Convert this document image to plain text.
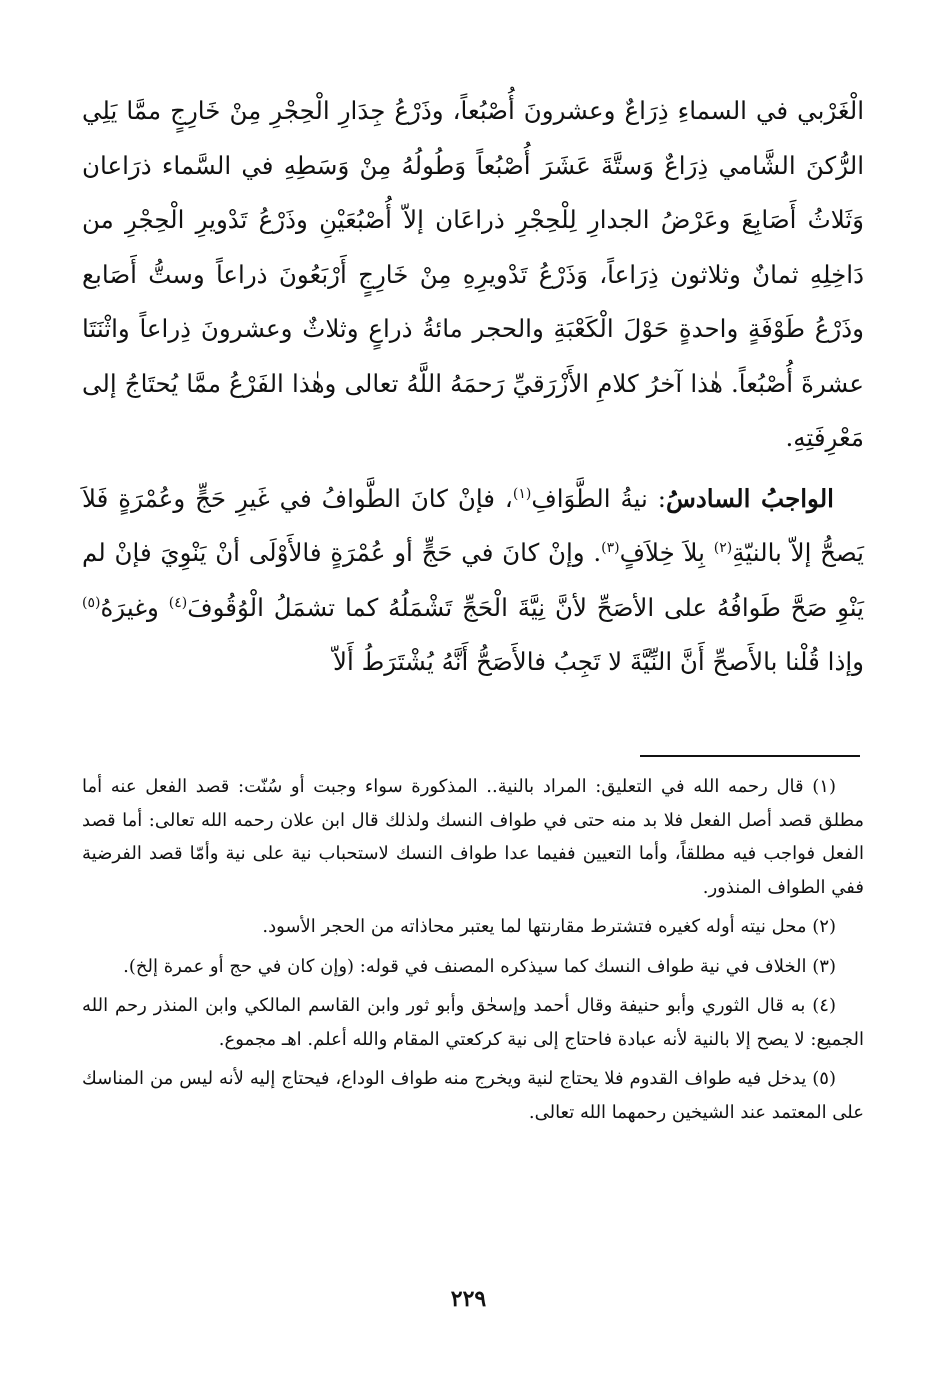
الْغَرْبي في السماءِ ذِرَاعٌ وعشرونَ أُصْبُعاً، وذَرْعُ جِدَارِ الْحِجْرِ مِنْ خَارِجٍ ممَّا يَلِي الرُّكنَ الشَّامي ذِرَاعٌ وَستَّةَ عَشَرَ أُصْبُعاً وَطُولُهُ مِنْ وَسَطِهِ في السَّماء ذرَاعان وَثَلاثُ أَصَابِعَ وعَرْضُ الجدارِ لِلْحِجْرِ ذراعَان إلاّ أُصْبُعَيْنِ وذَرْعُ تَدْويرِ الْحِجْرِ من دَاخِلِهِ ثمانٌ وثلاثون ذِرَاعاً، وَذَرْعُ تَدْويرِهِ مِنْ خَارِجٍ أَرْبَعُونَ ذراعاً وستُّ أَصَابع وذَرْعُ طَوْفَةٍ واحدةٍ حَوْلَ الْكَعْبَةِ والحجر مائةُ ذراعٍ وثلاثٌ وعشرونَ ذِراعاً واثْنَتَا عشرةَ أُصْبُعاً. هٰذا آخرُ كلامِ الأَزْرَقيِّ رَحمَهُ اللَّهُ تعالى وهٰذا الفَرْعُ ممَّا يُحتَاجُ إلى مَعْرِفَتِهِ.

الواجبُ السادسُ: نيةُ الطَّوَافِ$^{(١)}$، فإنْ كانَ الطَّوافُ في غَيرِ حَجٍّ وعُمْرَةٍ فَلاَ يَصحُّ إلاّ بالنيّةِ$^{(٢)}$ بِلاَ خِلاَفٍ$^{(٣)}$. وإنْ كانَ في حَجٍّ أو عُمْرَةٍ فالأَوْلَى أنْ يَنْوِيَ فإنْ لم يَنْوِ صَحَّ طَوافُهُ على الأصَحِّ لأنَّ نِيَّةَ الْحَجِّ تَشْمَلُهُ كما تشمَلُ الْوُقُوفَ$^{(٤)}$ وغيرَهُ$^{(٥)}$ وإذا قُلْنا بالأَصحِّ أَنَّ النِّيَّةَ لا تَجِبُ فالأَصَحُّ أَنَّهُ يُشْتَرَطُ أَلاّ

(١) قال رحمه الله في التعليق: المراد بالنية.. المذكورة سواء وجبت أو سُنّت: قصد الفعل عنه أما مطلق قصد أصل الفعل فلا بد منه حتى في طواف النسك ولذلك قال ابن علان رحمه الله تعالى: أما قصد الفعل فواجب فيه مطلقاً، وأما التعيين ففيما عدا طواف النسك لاستحباب نية على نية وأمّا قصد الفرضية ففي الطواف المنذور.

(٢) محل نيته أوله كغيره فتشترط مقارنتها لما يعتبر محاذاته من الحجر الأسود.

(٣) الخلاف في نية طواف النسك كما سيذكره المصنف في قوله: (وإن كان في حج أو عمرة إلخ).

(٤) به قال الثوري وأبو حنيفة وقال أحمد وإسحٰق وأبو ثور وابن القاسم المالكي وابن المنذر رحم الله الجميع: لا يصح إلا بالنية لأنه عبادة فاحتاج إلى نية كركعتي المقام والله أعلم. اهـ مجموع.

(٥) يدخل فيه طواف القدوم فلا يحتاج لنية ويخرج منه طواف الوداع، فيحتاج إليه لأنه ليس من المناسك على المعتمد عند الشيخين رحمهما الله تعالى.

٢٢٩
